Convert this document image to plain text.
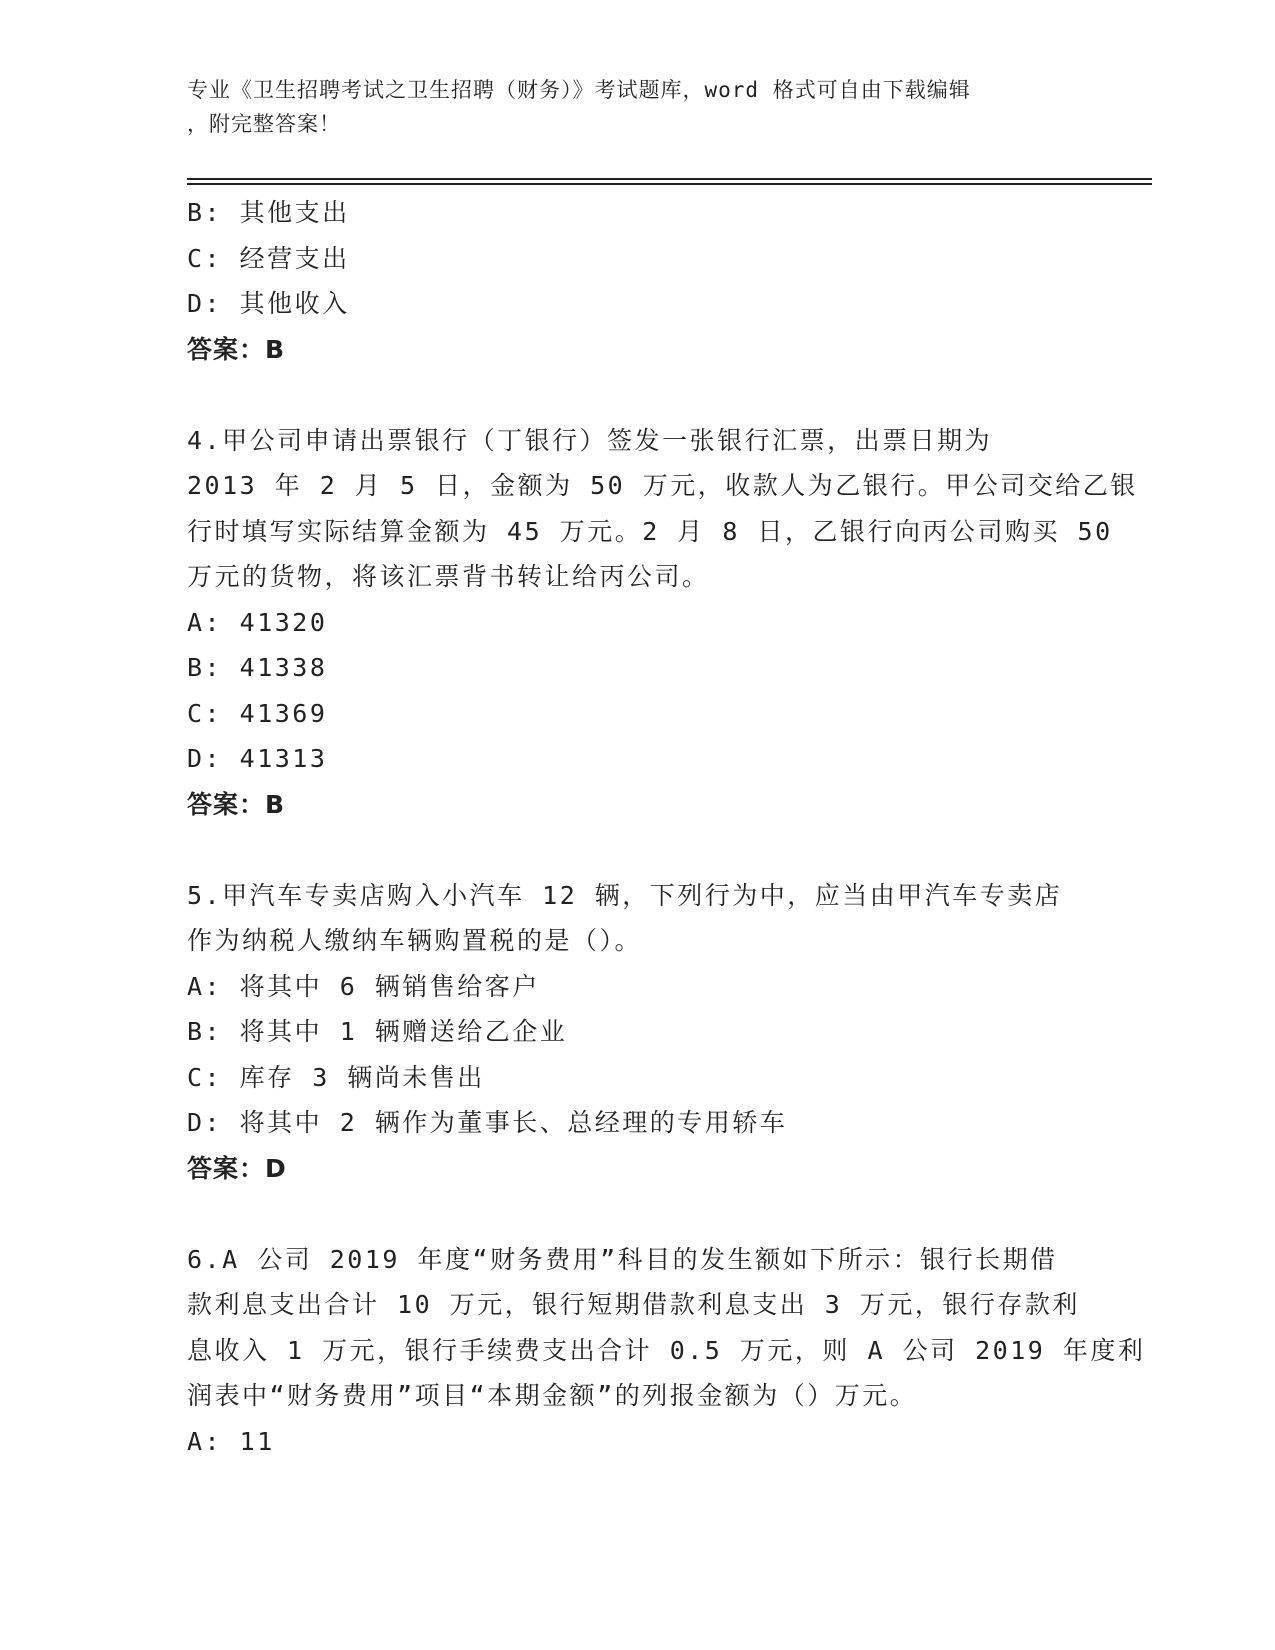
专业《卫生招聘考试之卫生招聘（财务）》考试题库，word 格式可自由下载编辑
，附完整答案！
B: 其他支出
C: 经营支出
D: 其他收入
答案：B
4.甲公司申请出票银行（丁银行）签发一张银行汇票，出票日期为
2013 年 2 月 5 日，金额为 50 万元，收款人为乙银行。甲公司交给乙银
行时填写实际结算金额为 45 万元。2 月 8 日，乙银行向丙公司购买 50
万元的货物，将该汇票背书转让给丙公司。
A: 41320
B: 41338
C: 41369
D: 41313
答案：B
5.甲汽车专卖店购入小汽车 12 辆，下列行为中，应当由甲汽车专卖店
作为纳税人缴纳车辆购置税的是（）。
A: 将其中 6 辆销售给客户
B: 将其中 1 辆赠送给乙企业
C: 库存 3 辆尚未售出
D: 将其中 2 辆作为董事长、总经理的专用轿车
答案：D
6.A 公司 2019 年度“财务费用”科目的发生额如下所示：银行长期借
款利息支出合计 10 万元，银行短期借款利息支出 3 万元，银行存款利
息收入 1 万元，银行手续费支出合计 0.5 万元，则 A 公司 2019 年度利
润表中“财务费用”项目“本期金额”的列报金额为（）万元。
A: 11
